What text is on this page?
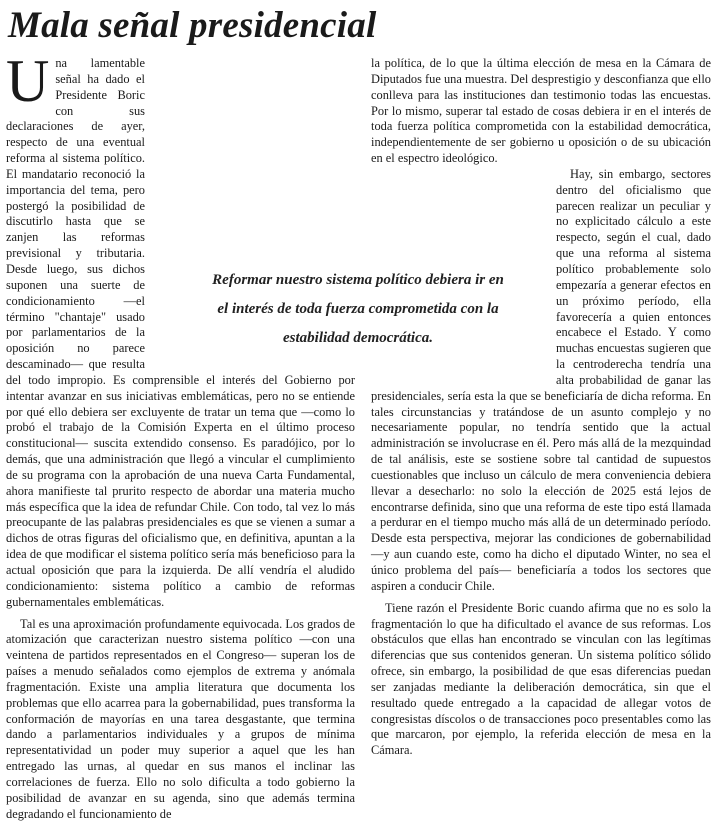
Mala señal presidencial

U na lamentable señal ha dado el Presidente Boric con sus declaraciones de ayer, respecto de una eventual reforma al sistema político. El mandatario reconoció la importancia del tema, pero postergó la posibilidad de discutirlo hasta que se zanjen las reformas previsional y tributaria. Desde luego, sus dichos suponen una suerte de condicionamiento —el término "chantaje" usado por parlamentarios de la oposición no parece descaminado— que resulta del todo impropio. Es comprensible el interés del Gobierno por intentar avanzar en sus iniciativas emblemáticas, pero no se entiende por qué ello debiera ser excluyente de tratar un tema que —como lo probó el trabajo de la Comisión Experta en el último proceso constitucional— suscita extendido consenso. Es paradójico, por lo demás, que una administración que llegó a vincular el cumplimiento de su programa con la aprobación de una nueva Carta Fundamental, ahora manifieste tal prurito respecto de abordar una materia mucho más específica que la idea de refundar Chile. Con todo, tal vez lo más preocupante de las palabras presidenciales es que se vienen a sumar a dichos de otras figuras del oficialismo que, en definitiva, apuntan a la idea de que modificar el sistema político sería más beneficioso para la actual oposición que para la izquierda. De allí vendría el aludido condicionamiento: sistema político a cambio de reformas gubernamentales emblemáticas.

Tal es una aproximación profundamente equivocada. Los grados de atomización que caracterizan nuestro sistema político —con una veintena de partidos representados en el Congreso— superan los de países a menudo señalados como ejemplos de extrema y anómala fragmentación. Existe una amplia literatura que documenta los problemas que ello acarrea para la gobernabilidad, pues transforma la conformación de mayorías en una tarea desgastante, que termina dando a parlamentarios individuales y a grupos de mínima representatividad un poder muy superior a aquel que les han entregado las urnas, al quedar en sus manos el inclinar las correlaciones de fuerza. Ello no solo dificulta a todo gobierno la posibilidad de avanzar en su agenda, sino que además termina degradando el funcionamiento de

la política, de lo que la última elección de mesa en la Cámara de Diputados fue una muestra. Del desprestigio y desconfianza que ello conlleva para las instituciones dan testimonio todas las encuestas. Por lo mismo, superar tal estado de cosas debiera ir en el interés de toda fuerza política comprometida con la estabilidad democrática, independientemente de ser gobierno u oposición o de su ubicación en el espectro ideológico.

Hay, sin embargo, sectores dentro del oficialismo que parecen realizar un peculiar y no explicitado cálculo a este respecto, según el cual, dado que una reforma al sistema político probablemente solo empezaría a generar efectos en un próximo período, ella favorecería a quien entonces encabece el Estado. Y como muchas encuestas sugieren que la centroderecha tendría una alta probabilidad de ganar las presidenciales, sería esta la que se beneficiaría de dicha reforma. En tales circunstancias y tratándose de un asunto complejo y no necesariamente popular, no tendría sentido que la actual administración se involucrase en él. Pero más allá de la mezquindad de tal análisis, este se sostiene sobre tal cantidad de supuestos cuestionables que incluso un cálculo de mera conveniencia debiera llevar a desecharlo: no solo la elección de 2025 está lejos de encontrarse definida, sino que una reforma de este tipo está llamada a perdurar en el tiempo mucho más allá de un determinado período. Desde esta perspectiva, mejorar las condiciones de gobernabilidad —y aun cuando este, como ha dicho el diputado Winter, no sea el único problema del país— beneficiaría a todos los sectores que aspiren a conducir Chile.

Tiene razón el Presidente Boric cuando afirma que no es solo la fragmentación lo que ha dificultado el avance de sus reformas. Los obstáculos que ellas han encontrado se vinculan con las legítimas diferencias que sus contenidos generan. Un sistema político sólido ofrece, sin embargo, la posibilidad de que esas diferencias puedan ser zanjadas mediante la deliberación democrática, sin que el resultado quede entregado a la capacidad de allegar votos de congresistas díscolos o de transacciones poco presentables como las que marcaron, por ejemplo, la referida elección de mesa en la Cámara.

Reformar nuestro sistema político debiera ir en el interés de toda fuerza comprometida con la estabilidad democrática.
